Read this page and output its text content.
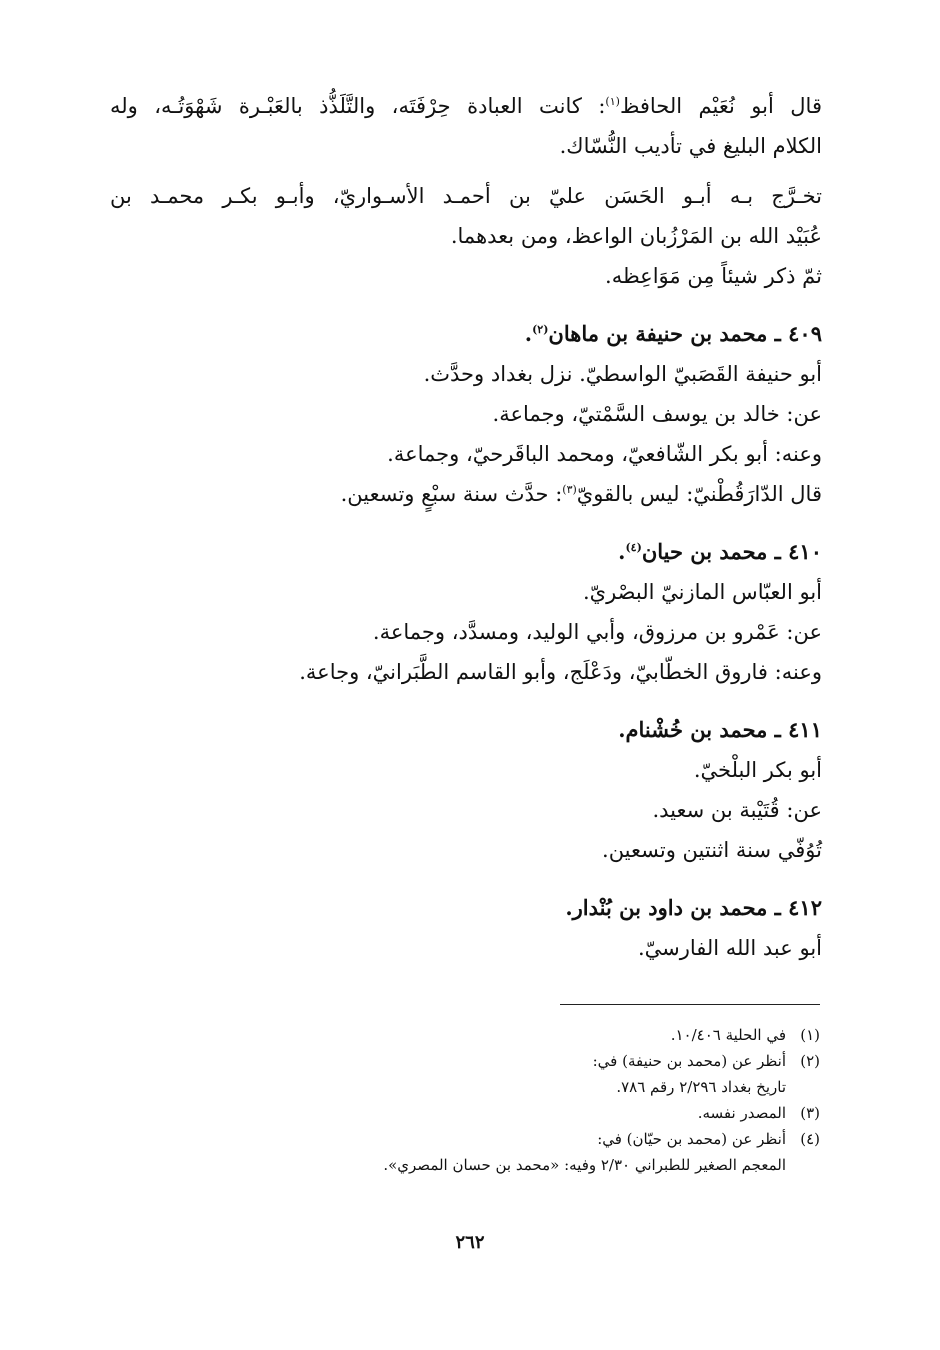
قال أبو نُعَيْم الحافظ$^{(١)}$: كانت العبادة حِرْفَتَه، والتَّلَذُّذ بالعَبْـرة شَهْوَتُـه، وله
الكلام البليغ في تأديب النُّسّاك.
تخـرَّج بـه أبـو الحَسَن عليّ بن أحمـد الأسـواريّ، وأبـو بكـر محمـد بن
عُبَيْد الله بن المَرْزُبان الواعظ، ومن بعدهما.
ثمّ ذكر شيئاً مِن مَوَاعِظه.
٤٠٩ ـ محمد بن حنيفة بن ماهان$^{(٢)}$.
أبو حنيفة القَصَبيّ الواسطيّ. نزل بغداد وحدَّث.
عن: خالد بن يوسف السَّمْتيّ، وجماعة.
وعنه: أبو بكر الشّافعيّ، ومحمد الباقَرحيّ، وجماعة.
قال الدّارَقُطْنيّ: ليس بالقويّ$^{(٣)}$: حدَّث سنة سبْعٍ وتسعين.
٤١٠ ـ محمد بن حيان$^{(٤)}$.
أبو العبّاس المازنيّ البصْريّ.
عن: عَمْرو بن مرزوق، وأبي الوليد، ومسدَّد، وجماعة.
وعنه: فاروق الخطّابيّ، ودَعْلَج، وأبو القاسم الطَّبَرانيّ، وجاعة.
٤١١ ـ محمد بن خُشْنام.
أبو بكر البلْخيّ.
عن: قُتَيْبة بن سعيد.
تُوُفّي سنة اثنتين وتسعين.
٤١٢ ـ محمد بن داود بن بُنْدار.
أبو عبد الله الفارسيّ.
(١)
في الحلية ١٠/٤٠٦.
(٢)
أنظر عن (محمد بن حنيفة) في:
تاريخ بغداد ٢/٢٩٦ رقم ٧٨٦.
(٣)
المصدر نفسه.
(٤)
أنظر عن (محمد بن حيّان) في:
المعجم الصغير للطبراني ٢/٣٠ وفيه: «محمد بن حسان المصري».
٢٦٢
